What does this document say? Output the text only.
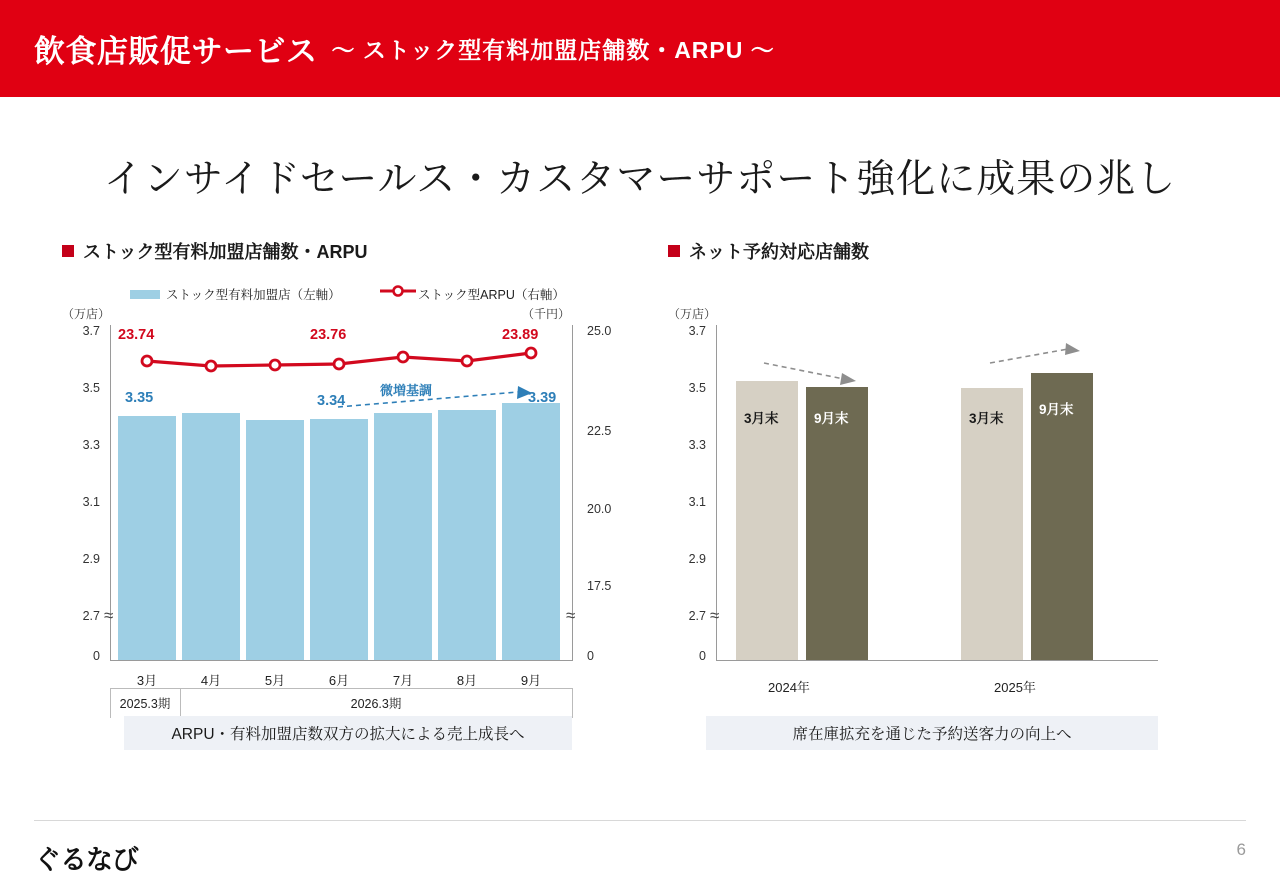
飲食店販促サービス 〜 ストック型有料加盟店舗数・ARPU 〜
インサイドセールス・カスタマーサポート強化に成果の兆し
ストック型有料加盟店舗数・ARPU	ネット予約対応店舗数
ストック型有料加盟店（左軸）	ストック型ARPU（右軸）
（万店）	（千円）
3.7
3.5
3.3
3.1
2.9
2.7
0
25.0
22.5
20.0
17.5
0
≈	≈
微増基調
23.74	23.76	23.89
3.35	3.34	3.39
3月	4月	5月	6月	7月	8月	9月
2025.3期	2026.3期
ARPU・有料加盟店数双方の拡大による売上成長へ
（万店）
3.7
3.5
3.3
3.1
2.9
2.7
0
≈
3月末	9月末	3月末
9月末
2024年	2025年
席在庫拡充を通じた予約送客力の向上へ
ぐるなび	6
